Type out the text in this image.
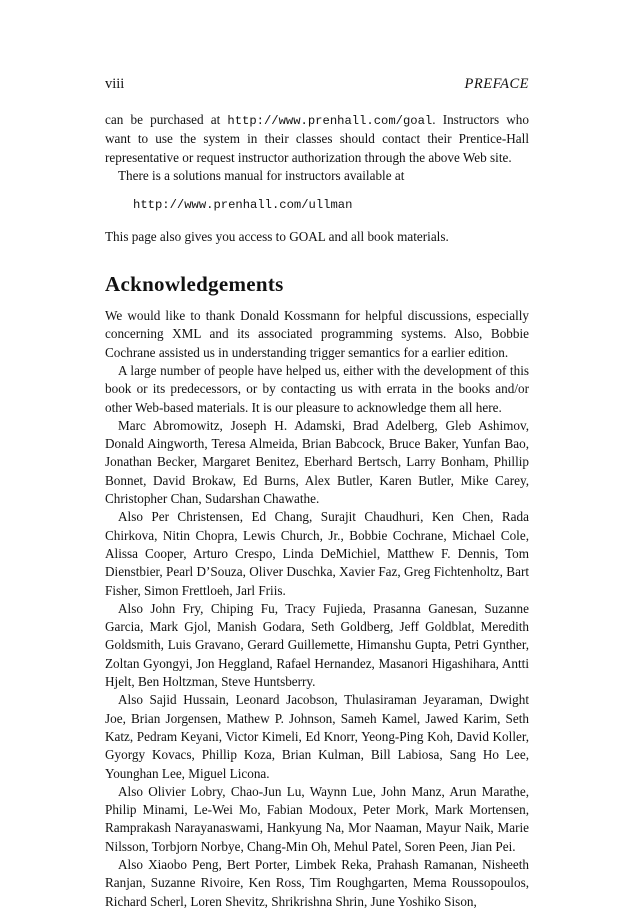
viii	PREFACE

can be purchased at http://www.prenhall.com/goal. Instructors who want to use the system in their classes should contact their Prentice-Hall representative or request instructor authorization through the above Web site.

There is a solutions manual for instructors available at

http://www.prenhall.com/ullman

This page also gives you access to GOAL and all book materials.

Acknowledgements

We would like to thank Donald Kossmann for helpful discussions, especially concerning XML and its associated programming systems. Also, Bobbie Cochrane assisted us in understanding trigger semantics for a earlier edition.

A large number of people have helped us, either with the development of this book or its predecessors, or by contacting us with errata in the books and/or other Web-based materials. It is our pleasure to acknowledge them all here.

Marc Abromowitz, Joseph H. Adamski, Brad Adelberg, Gleb Ashimov, Donald Aingworth, Teresa Almeida, Brian Babcock, Bruce Baker, Yunfan Bao, Jonathan Becker, Margaret Benitez, Eberhard Bertsch, Larry Bonham, Phillip Bonnet, David Brokaw, Ed Burns, Alex Butler, Karen Butler, Mike Carey, Christopher Chan, Sudarshan Chawathe.

Also Per Christensen, Ed Chang, Surajit Chaudhuri, Ken Chen, Rada Chirkova, Nitin Chopra, Lewis Church, Jr., Bobbie Cochrane, Michael Cole, Alissa Cooper, Arturo Crespo, Linda DeMichiel, Matthew F. Dennis, Tom Dienstbier, Pearl D’Souza, Oliver Duschka, Xavier Faz, Greg Fichtenholtz, Bart Fisher, Simon Frettloeh, Jarl Friis.

Also John Fry, Chiping Fu, Tracy Fujieda, Prasanna Ganesan, Suzanne Garcia, Mark Gjol, Manish Godara, Seth Goldberg, Jeff Goldblat, Meredith Goldsmith, Luis Gravano, Gerard Guillemette, Himanshu Gupta, Petri Gynther, Zoltan Gyongyi, Jon Heggland, Rafael Hernandez, Masanori Higashihara, Antti Hjelt, Ben Holtzman, Steve Huntsberry.

Also Sajid Hussain, Leonard Jacobson, Thulasiraman Jeyaraman, Dwight Joe, Brian Jorgensen, Mathew P. Johnson, Sameh Kamel, Jawed Karim, Seth Katz, Pedram Keyani, Victor Kimeli, Ed Knorr, Yeong-Ping Koh, David Koller, Gyorgy Kovacs, Phillip Koza, Brian Kulman, Bill Labiosa, Sang Ho Lee, Younghan Lee, Miguel Licona.

Also Olivier Lobry, Chao-Jun Lu, Waynn Lue, John Manz, Arun Marathe, Philip Minami, Le-Wei Mo, Fabian Modoux, Peter Mork, Mark Mortensen, Ramprakash Narayanaswami, Hankyung Na, Mor Naaman, Mayur Naik, Marie Nilsson, Torbjorn Norbye, Chang-Min Oh, Mehul Patel, Soren Peen, Jian Pei.

Also Xiaobo Peng, Bert Porter, Limbek Reka, Prahash Ramanan, Nisheeth Ranjan, Suzanne Rivoire, Ken Ross, Tim Roughgarten, Mema Roussopoulos, Richard Scherl, Loren Shevitz, Shrikrishna Shrin, June Yoshiko Sison,
